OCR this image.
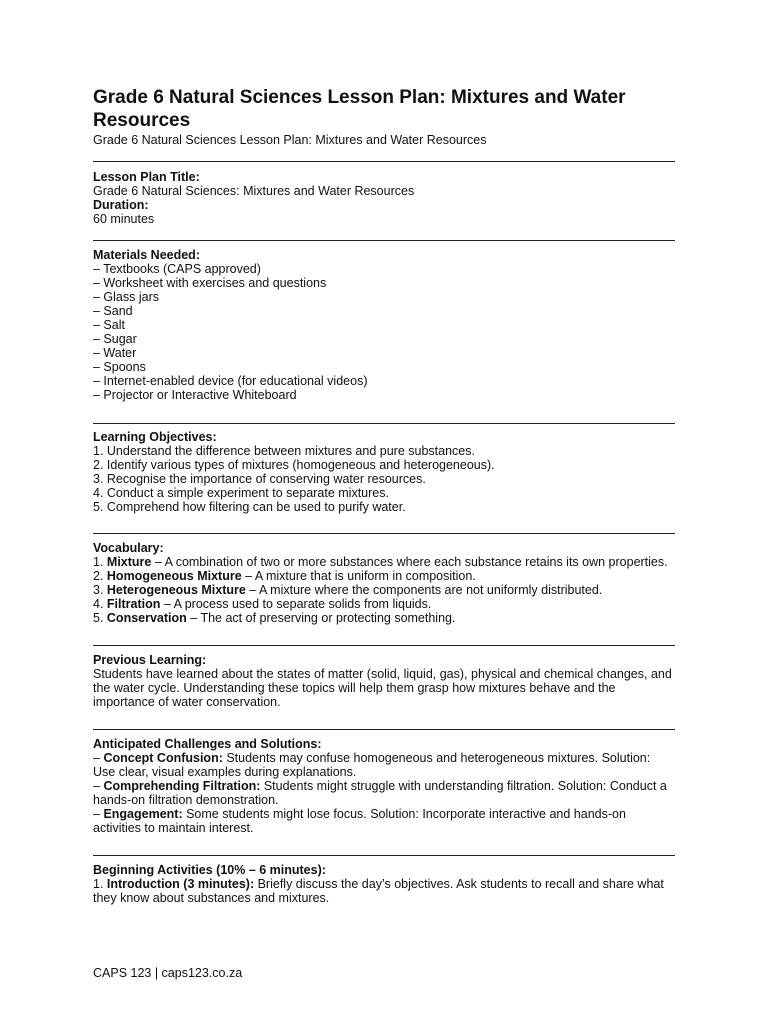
Grade 6 Natural Sciences Lesson Plan: Mixtures and Water Resources
Grade 6 Natural Sciences Lesson Plan: Mixtures and Water Resources

Lesson Plan Title:

Grade 6 Natural Sciences: Mixtures and Water Resources

Duration:

60 minutes

Materials Needed:

– Textbooks (CAPS approved)

– Worksheet with exercises and questions

– Glass jars

– Sand

– Salt

– Sugar

– Water

– Spoons

– Internet-enabled device (for educational videos)

– Projector or Interactive Whiteboard

Learning Objectives:

1. Understand the difference between mixtures and pure substances.

2. Identify various types of mixtures (homogeneous and heterogeneous).

3. Recognise the importance of conserving water resources.

4. Conduct a simple experiment to separate mixtures.

5. Comprehend how filtering can be used to purify water.

Vocabulary:

1. Mixture – A combination of two or more substances where each substance retains its own properties.

2. Homogeneous Mixture – A mixture that is uniform in composition.

3. Heterogeneous Mixture – A mixture where the components are not uniformly distributed.

4. Filtration – A process used to separate solids from liquids.

5. Conservation – The act of preserving or protecting something.

Previous Learning:

Students have learned about the states of matter (solid, liquid, gas), physical and chemical changes, and the water cycle. Understanding these topics will help them grasp how mixtures behave and the importance of water conservation.

Anticipated Challenges and Solutions:

– Concept Confusion: Students may confuse homogeneous and heterogeneous mixtures. Solution: Use clear, visual examples during explanations.

– Comprehending Filtration: Students might struggle with understanding filtration. Solution: Conduct a hands-on filtration demonstration.

– Engagement: Some students might lose focus. Solution: Incorporate interactive and hands-on activities to maintain interest.

Beginning Activities (10% – 6 minutes):

1. Introduction (3 minutes): Briefly discuss the day’s objectives. Ask students to recall and share what they know about substances and mixtures.

CAPS 123 | caps123.co.za
